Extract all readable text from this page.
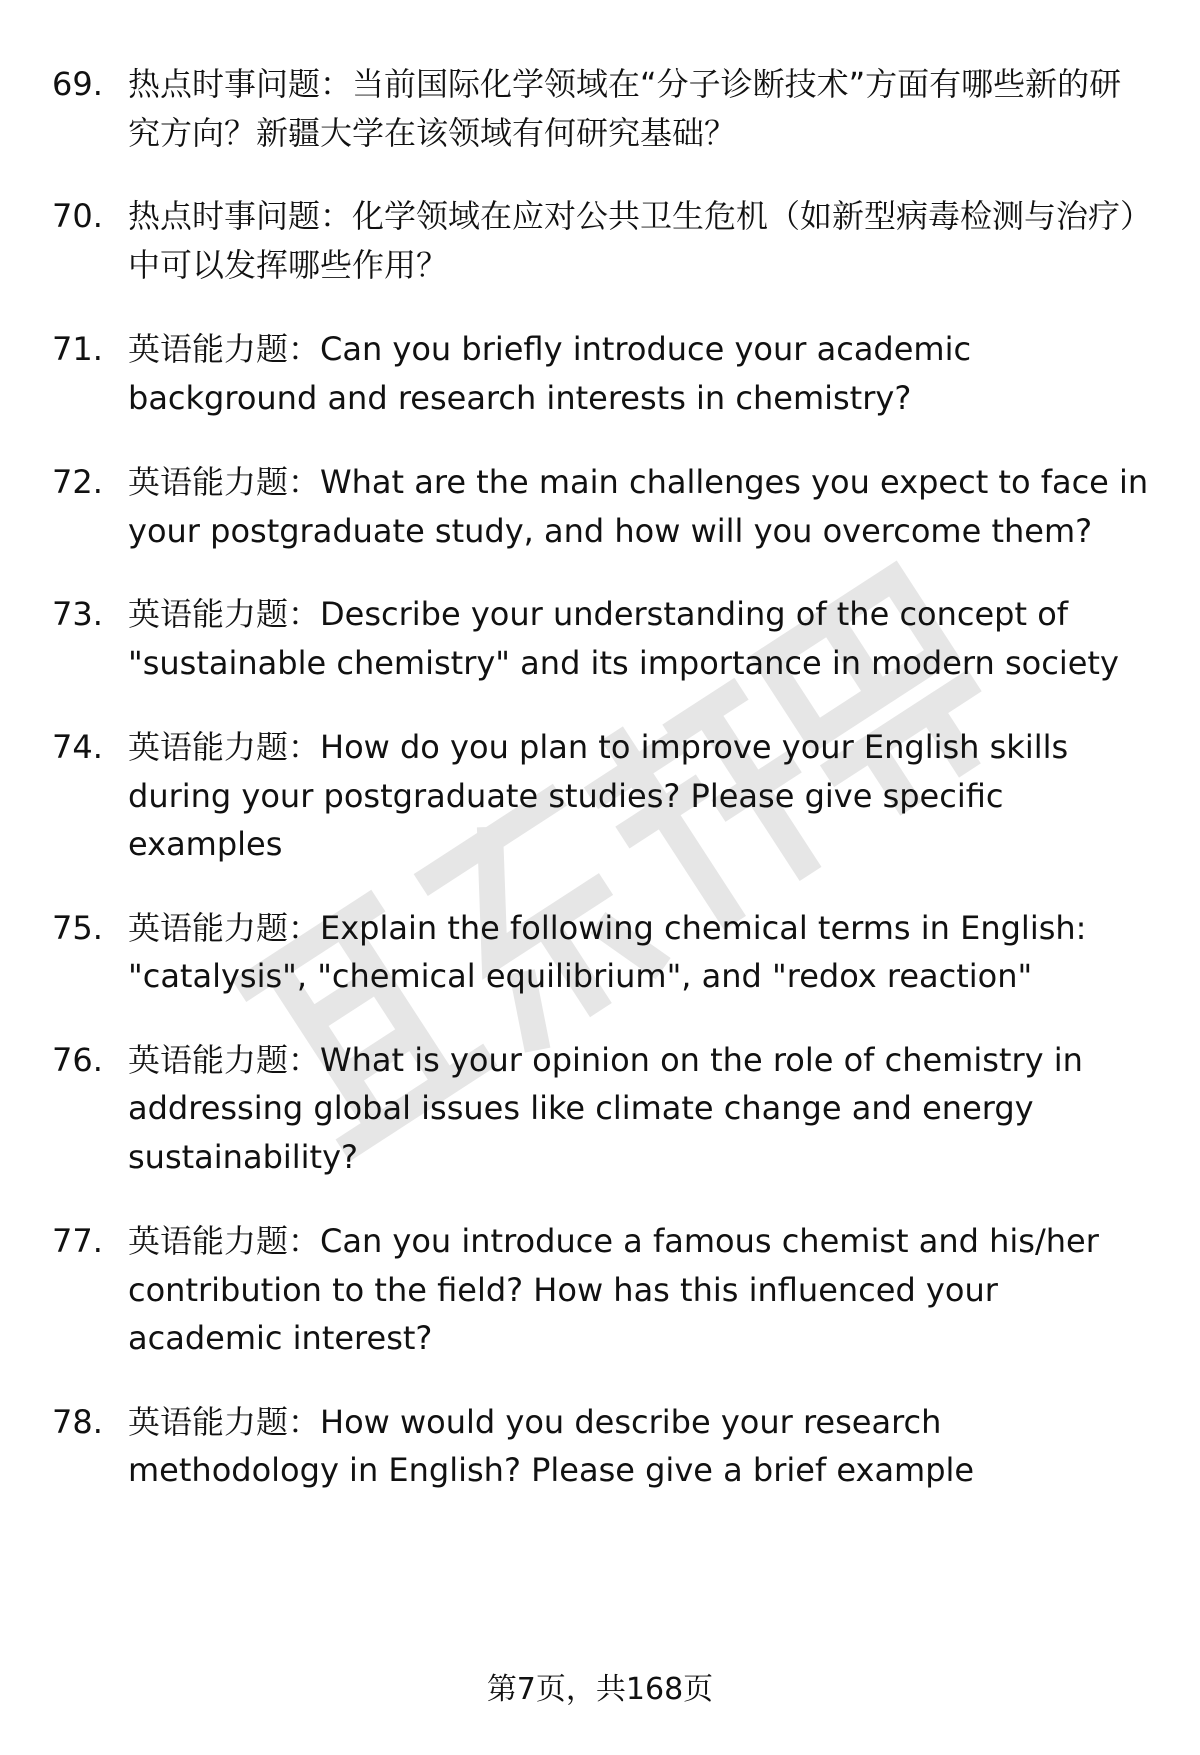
69. 热点时事问题：当前国际化学领域在“分子诊断技术”方面有哪些新的研究方向？新疆大学在该领域有何研究基础？
70. 热点时事问题：化学领域在应对公共卫生危机（如新型病毒检测与治疗）中可以发挥哪些作用？
71. 英语能力题：Can you briefly introduce your academic background and research interests in chemistry?
72. 英语能力题：What are the main challenges you expect to face in your postgraduate study, and how will you overcome them?
73. 英语能力题：Describe your understanding of the concept of "sustainable chemistry" and its importance in modern society
74. 英语能力题：How do you plan to improve your English skills during your postgraduate studies? Please give specific examples
75. 英语能力题：Explain the following chemical terms in English: "catalysis", "chemical equilibrium", and "redox reaction"
76. 英语能力题：What is your opinion on the role of chemistry in addressing global issues like climate change and energy sustainability?
77. 英语能力题：Can you introduce a famous chemist and his/her contribution to the field? How has this influenced your academic interest?
78. 英语能力题：How would you describe your research methodology in English? Please give a brief example
第7页，共168页
